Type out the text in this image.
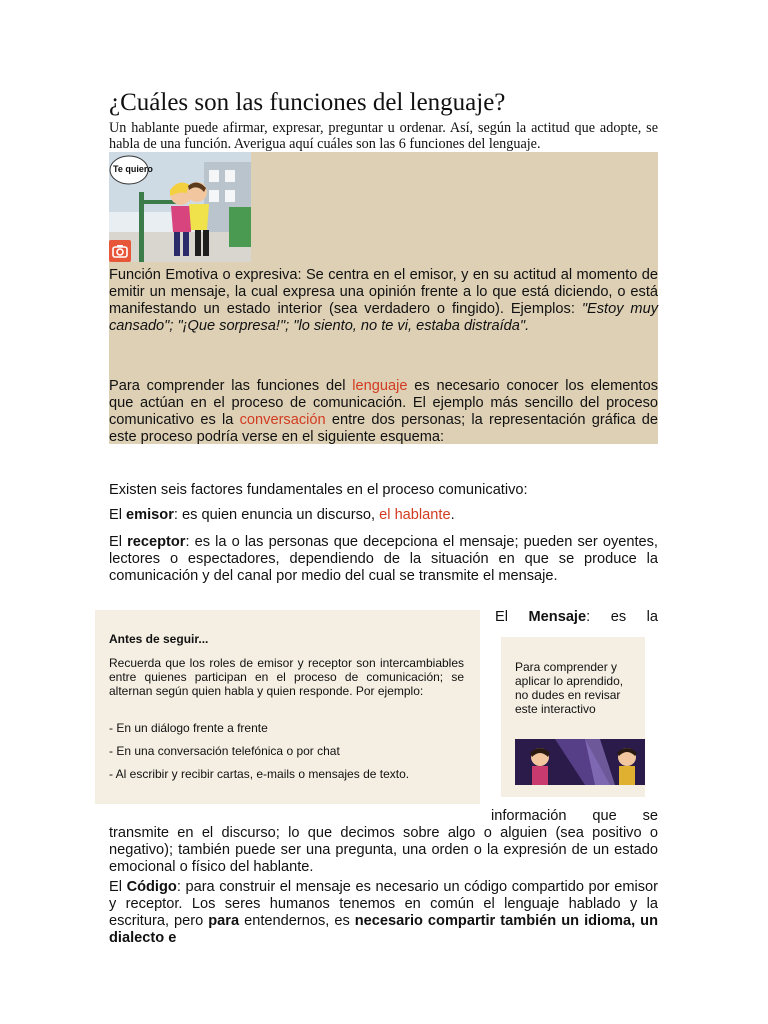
¿Cuáles son las funciones del lenguaje?

Un hablante puede afirmar, expresar, preguntar u ordenar. Así, según la actitud que adopte, se habla de una función. Averigua aquí cuáles son las 6 funciones del lenguaje.

Te quiero

Función Emotiva o expresiva: Se centra en el emisor, y en su actitud al momento de emitir un mensaje, la cual expresa una opinión frente a lo que está diciendo, o está manifestando un estado interior (sea verdadero o fingido). Ejemplos: "Estoy muy cansado"; "¡Que sorpresa!"; "lo siento, no te vi, estaba distraída".

Para comprender las funciones del lenguaje es necesario conocer los elementos que actúan en el proceso de comunicación. El ejemplo más sencillo del proceso comunicativo es la conversación entre dos personas; la representación gráfica de este proceso podría verse en el siguiente esquema:

Existen seis factores fundamentales en el proceso comunicativo:

El emisor: es quien enuncia un discurso, el hablante.

El receptor: es la o las personas que decepciona el mensaje; pueden ser oyentes, lectores o espectadores, dependiendo de la situación en que se produce la comunicación y del canal por medio del cual se transmite el mensaje.

Antes de seguir...

Recuerda que los roles de emisor y receptor son intercambiables entre quienes participan en el proceso de comunicación; se alternan según quien habla y quien responde. Por ejemplo:

- En un diálogo frente a frente

- En una conversación telefónica o por chat

- Al escribir y recibir cartas, e-mails o mensajes de texto.

El Mensaje: es la

Para comprender y aplicar lo aprendido, no dudes en revisar este interactivo

información que se

transmite en el discurso; lo que decimos sobre algo o alguien (sea positivo o negativo); también puede ser una pregunta, una orden o la expresión de un estado emocional o físico del hablante.

El Código: para construir el mensaje es necesario un código compartido por emisor y receptor. Los seres humanos tenemos en común el lenguaje hablado y la escritura, pero para entendernos, es necesario compartir también un idioma, un dialecto e
